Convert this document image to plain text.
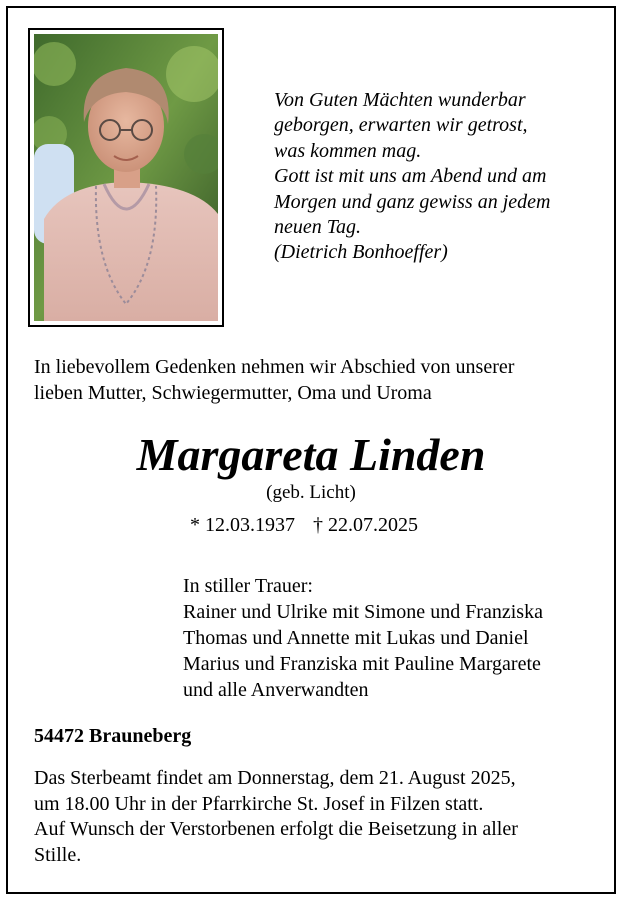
Von Guten Mächten wunderbar
geborgen, erwarten wir getrost,
was kommen mag.
Gott ist mit uns am Abend und am
Morgen und ganz gewiss an jedem
neuen Tag.
(Dietrich Bonhoeffer)
In liebevollem Gedenken nehmen wir Abschied von unserer
lieben Mutter, Schwiegermutter, Oma und Uroma
Margareta Linden
(geb. Licht)
* 12.03.1937 † 22.07.2025
In stiller Trauer:
Rainer und Ulrike mit Simone und Franziska
Thomas und Annette mit Lukas und Daniel
Marius und Franziska mit Pauline Margarete
und alle Anverwandten
54472 Brauneberg
Das Sterbeamt findet am Donnerstag, dem 21. August 2025,
um 18.00 Uhr in der Pfarrkirche St. Josef in Filzen statt.
Auf Wunsch der Verstorbenen erfolgt die Beisetzung in aller
Stille.
